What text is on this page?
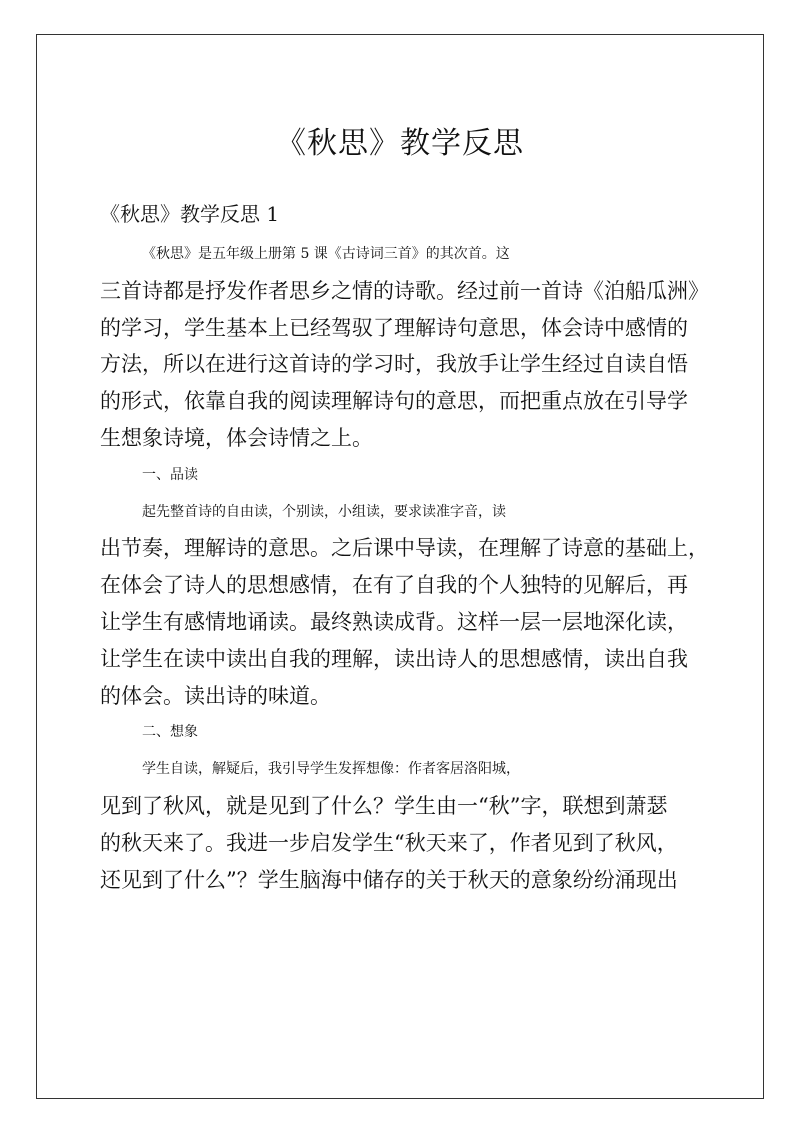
《秋思》教学反思
《秋思》教学反思 1

《秋思》是五年级上册第 5 课《古诗词三首》的其次首。这
三首诗都是抒发作者思乡之情的诗歌。经过前一首诗《泊船瓜洲》
的学习，学生基本上已经驾驭了理解诗句意思，体会诗中感情的
方法，所以在进行这首诗的学习时，我放手让学生经过自读自悟
的形式，依靠自我的阅读理解诗句的意思，而把重点放在引导学
生想象诗境，体会诗情之上。

一、品读

起先整首诗的自由读，个别读，小组读，要求读准字音，读
出节奏，理解诗的意思。之后课中导读，在理解了诗意的基础上，
在体会了诗人的思想感情，在有了自我的个人独特的见解后，再
让学生有感情地诵读。最终熟读成背。这样一层一层地深化读，
让学生在读中读出自我的理解，读出诗人的思想感情，读出自我
的体会。读出诗的味道。

二、想象

学生自读，解疑后，我引导学生发挥想像：作者客居洛阳城，
见到了秋风，就是见到了什么？学生由一“秋”字，联想到萧瑟
的秋天来了。我进一步启发学生“秋天来了，作者见到了秋风，
还见到了什么”？学生脑海中储存的关于秋天的意象纷纷涌现出
